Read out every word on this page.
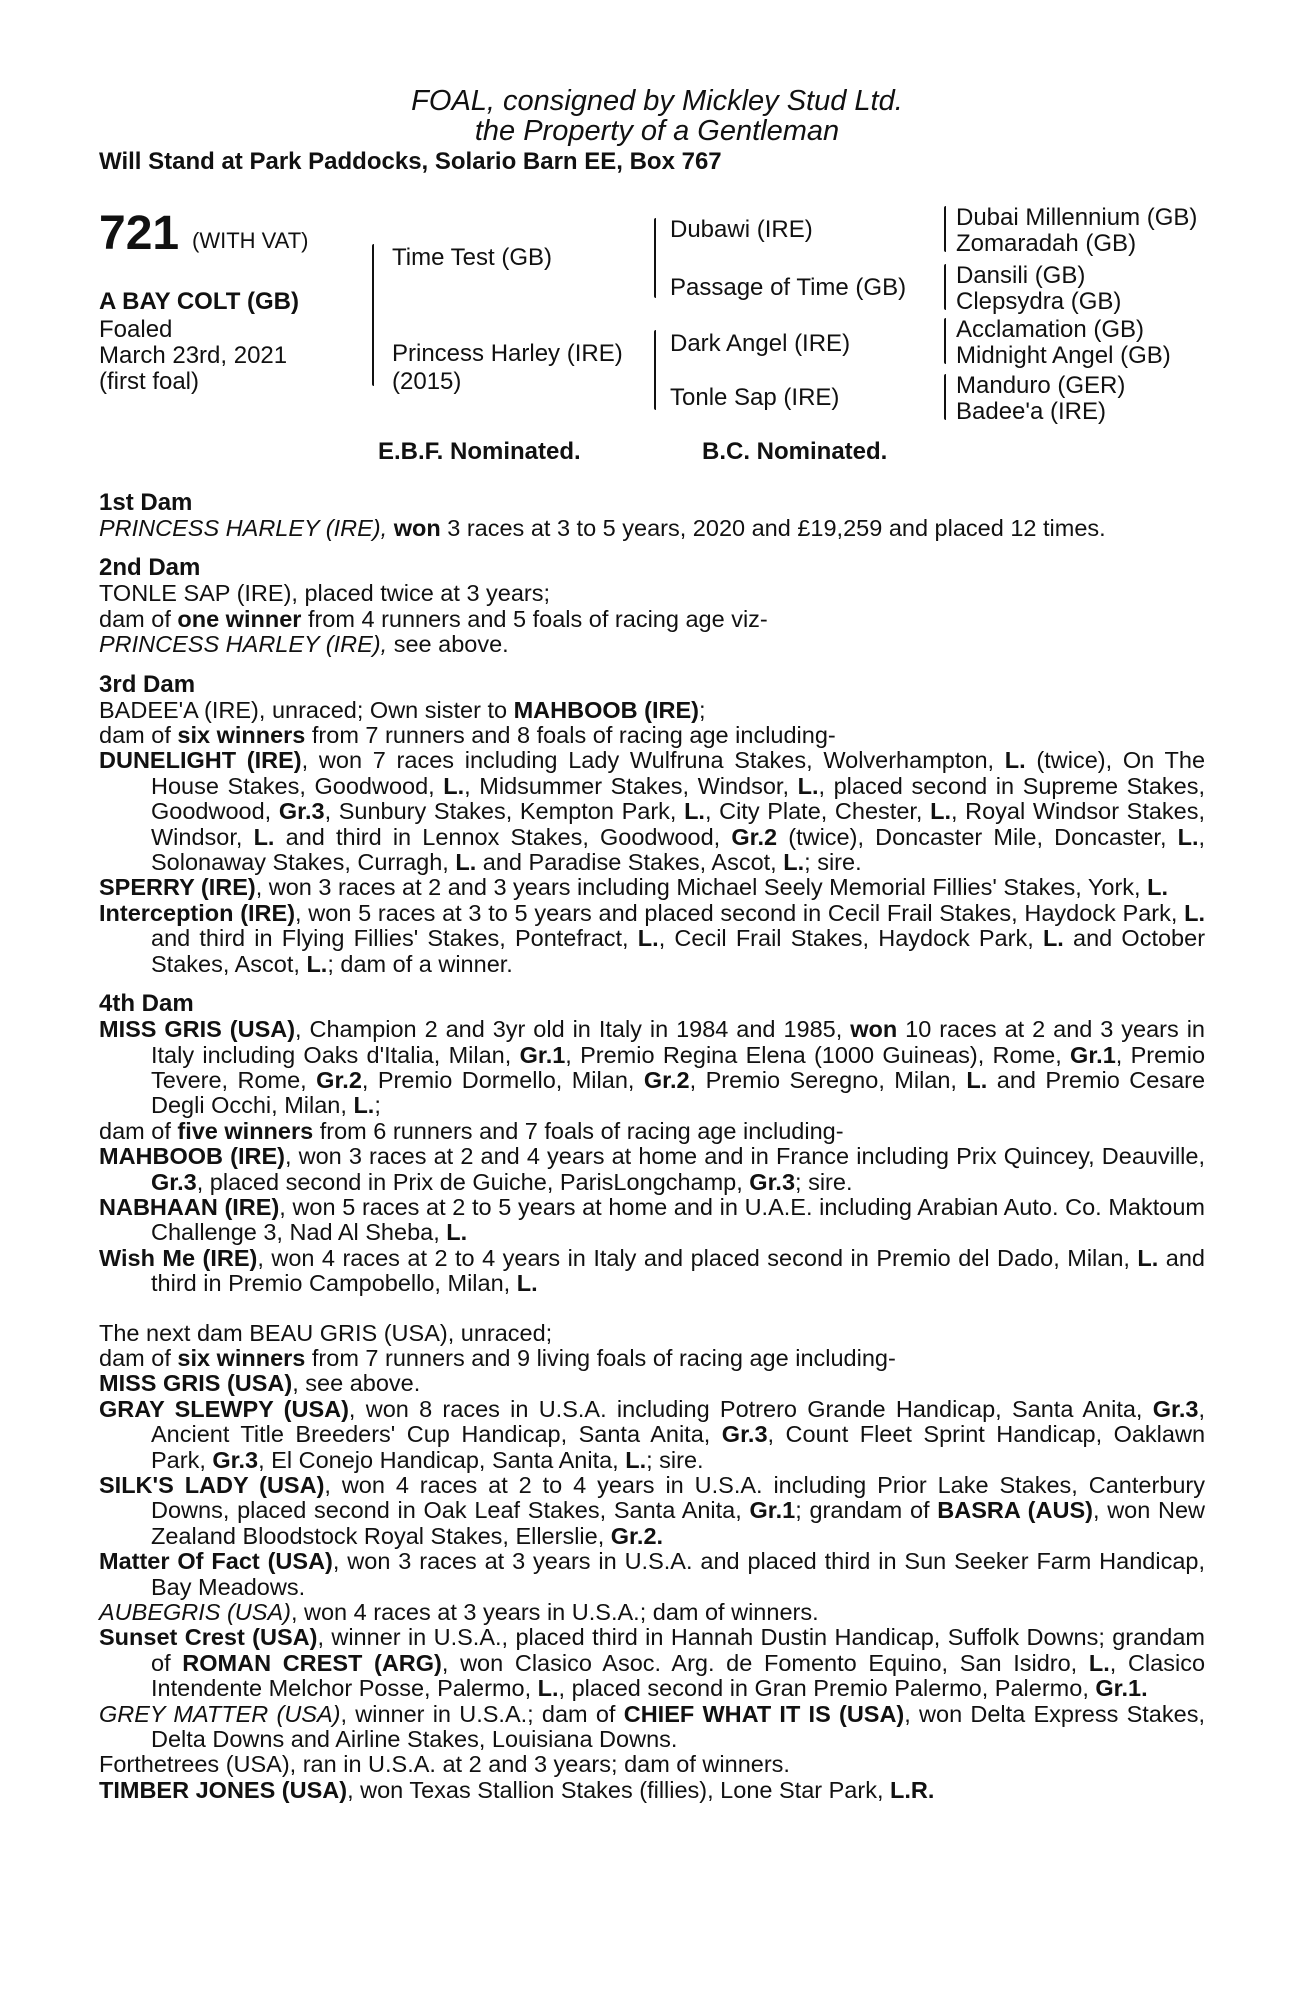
FOAL, consigned by Mickley Stud Ltd.
the Property of a Gentleman
Will Stand at Park Paddocks, Solario Barn EE, Box 767
721 (WITH VAT)
A BAY COLT (GB)
Foaled
March 23rd, 2021
(first foal)
Time Test (GB)
Princess Harley (IRE)
(2015)
Dubawi (IRE)
Passage of Time (GB)
Dark Angel (IRE)
Tonle Sap (IRE)
Dubai Millennium (GB)
Zomaradah (GB)
Dansili (GB)
Clepsydra (GB)
Acclamation (GB)
Midnight Angel (GB)
Manduro (GER)
Badee'a (IRE)
E.B.F. Nominated.	B.C. Nominated.
1st Dam

PRINCESS HARLEY (IRE), won 3 races at 3 to 5 years, 2020 and £19,259 and placed 12 times.

2nd Dam

TONLE SAP (IRE), placed twice at 3 years;

dam of one winner from 4 runners and 5 foals of racing age viz-

PRINCESS HARLEY (IRE), see above.

3rd Dam

BADEE'A (IRE), unraced; Own sister to MAHBOOB (IRE);

dam of six winners from 7 runners and 8 foals of racing age including-

DUNELIGHT (IRE), won 7 races including Lady Wulfruna Stakes, Wolverhampton, L. (twice), On The House Stakes, Goodwood, L., Midsummer Stakes, Windsor, L., placed second in Supreme Stakes, Goodwood, Gr.3, Sunbury Stakes, Kempton Park, L., City Plate, Chester, L., Royal Windsor Stakes, Windsor, L. and third in Lennox Stakes, Goodwood, Gr.2 (twice), Doncaster Mile, Doncaster, L., Solonaway Stakes, Curragh, L. and Paradise Stakes, Ascot, L.; sire.

SPERRY (IRE), won 3 races at 2 and 3 years including Michael Seely Memorial Fillies' Stakes, York, L.

Interception (IRE), won 5 races at 3 to 5 years and placed second in Cecil Frail Stakes, Haydock Park, L. and third in Flying Fillies' Stakes, Pontefract, L., Cecil Frail Stakes, Haydock Park, L. and October Stakes, Ascot, L.; dam of a winner.

4th Dam

MISS GRIS (USA), Champion 2 and 3yr old in Italy in 1984 and 1985, won 10 races at 2 and 3 years in Italy including Oaks d'Italia, Milan, Gr.1, Premio Regina Elena (1000 Guineas), Rome, Gr.1, Premio Tevere, Rome, Gr.2, Premio Dormello, Milan, Gr.2, Premio Seregno, Milan, L. and Premio Cesare Degli Occhi, Milan, L.;

dam of five winners from 6 runners and 7 foals of racing age including-

MAHBOOB (IRE), won 3 races at 2 and 4 years at home and in France including Prix Quincey, Deauville, Gr.3, placed second in Prix de Guiche, ParisLongchamp, Gr.3; sire.

NABHAAN (IRE), won 5 races at 2 to 5 years at home and in U.A.E. including Arabian Auto. Co. Maktoum Challenge 3, Nad Al Sheba, L.

Wish Me (IRE), won 4 races at 2 to 4 years in Italy and placed second in Premio del Dado, Milan, L. and third in Premio Campobello, Milan, L.

The next dam BEAU GRIS (USA), unraced;

dam of six winners from 7 runners and 9 living foals of racing age including-

MISS GRIS (USA), see above.

GRAY SLEWPY (USA), won 8 races in U.S.A. including Potrero Grande Handicap, Santa Anita, Gr.3, Ancient Title Breeders' Cup Handicap, Santa Anita, Gr.3, Count Fleet Sprint Handicap, Oaklawn Park, Gr.3, El Conejo Handicap, Santa Anita, L.; sire.

SILK'S LADY (USA), won 4 races at 2 to 4 years in U.S.A. including Prior Lake Stakes, Canterbury Downs, placed second in Oak Leaf Stakes, Santa Anita, Gr.1; grandam of BASRA (AUS), won New Zealand Bloodstock Royal Stakes, Ellerslie, Gr.2.

Matter Of Fact (USA), won 3 races at 3 years in U.S.A. and placed third in Sun Seeker Farm Handicap, Bay Meadows.

AUBEGRIS (USA), won 4 races at 3 years in U.S.A.; dam of winners.

Sunset Crest (USA), winner in U.S.A., placed third in Hannah Dustin Handicap, Suffolk Downs; grandam of ROMAN CREST (ARG), won Clasico Asoc. Arg. de Fomento Equino, San Isidro, L., Clasico Intendente Melchor Posse, Palermo, L., placed second in Gran Premio Palermo, Palermo, Gr.1.

GREY MATTER (USA), winner in U.S.A.; dam of CHIEF WHAT IT IS (USA), won Delta Express Stakes, Delta Downs and Airline Stakes, Louisiana Downs.

Forthetrees (USA), ran in U.S.A. at 2 and 3 years; dam of winners.

TIMBER JONES (USA), won Texas Stallion Stakes (fillies), Lone Star Park, L.R.
